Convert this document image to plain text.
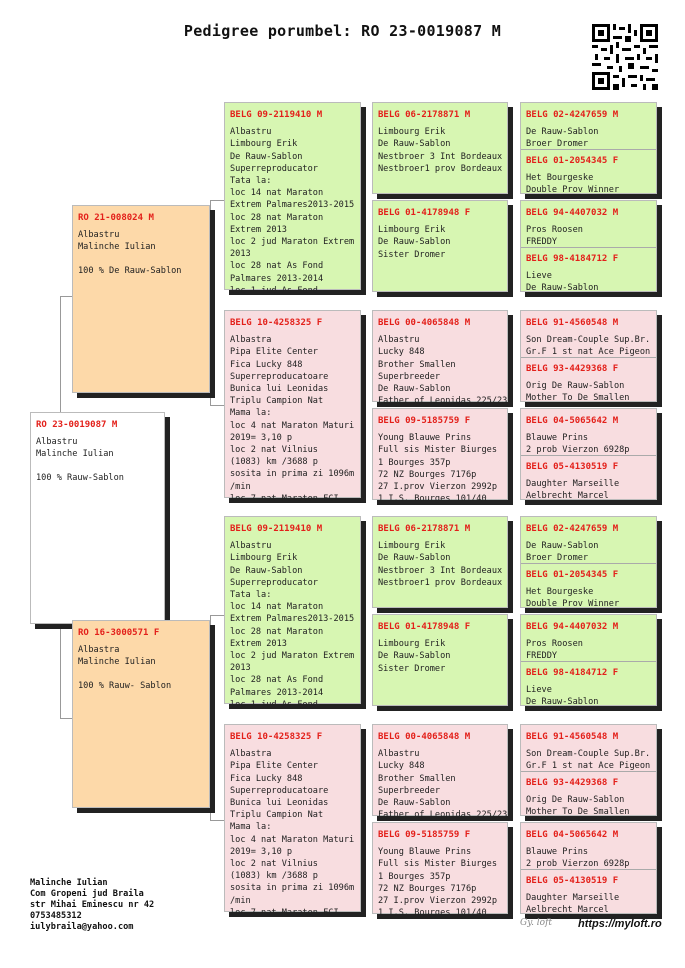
Pedigree porumbel: RO 23-0019087 M
RO 23-0019087 M
Albastru
Malinche Iulian
100 % Rauw-Sablon
RO 21-008024 M
Albastru
Malinche Iulian
100 % De Rauw-Sablon
RO 16-3000571 F
Albastra
Malinche Iulian
100 % Rauw- Sablon
BELG 09-2119410 M
Albastru
Limbourg Erik
De Rauw-Sablon
Superreproducator
Tata la:
loc 14 nat Maraton
Extrem Palmares2013-2015
loc 28 nat Maraton
Extrem 2013
loc 2 jud Maraton Extrem
2013
loc 28 nat As Fond
Palmares 2013-2014
loc 1 jud As Fond
BELG 10-4258325 F
Albastra
Pipa Elite Center
Fica Lucky 848
Superreproducatoare
Bunica lui Leonidas
Triplu Campion Nat
Mama la:
loc 4 nat Maraton Maturi
2019= 3,10 p
loc 2 nat Vilnius
(1083) km /3688 p
sosita in prima zi 1096m
/min
loc 7 nat Maraton FCI
BELG 09-2119410 M
Albastru
Limbourg Erik
De Rauw-Sablon
Superreproducator
Tata la:
loc 14 nat Maraton
Extrem Palmares2013-2015
loc 28 nat Maraton
Extrem 2013
loc 2 jud Maraton Extrem
2013
loc 28 nat As Fond
Palmares 2013-2014
loc 1 jud As Fond
BELG 10-4258325 F
Albastra
Pipa Elite Center
Fica Lucky 848
Superreproducatoare
Bunica lui Leonidas
Triplu Campion Nat
Mama la:
loc 4 nat Maraton Maturi
2019= 3,10 p
loc 2 nat Vilnius
(1083) km /3688 p
sosita in prima zi 1096m
/min
loc 7 nat Maraton FCI
BELG 06-2178871 M
Limbourg Erik
De Rauw-Sablon
Nestbroer 3 Int Bordeaux
Nestbroer1 prov Bordeaux
BELG 01-4178948 F
Limbourg Erik
De Rauw-Sablon
Sister Dromer
BELG 00-4065848 M
Albastru
Lucky 848
Brother Smallen
Superbreeder
De Rauw-Sablon
Father of Leonidas 225/23
BELG 09-5185759 F
Young Blauwe Prins
Full sis Mister Biurges
1 Bourges 357p
72 NZ Bourges 7176p
27 I.prov Vierzon 2992p
1 I.S. Bourges 101/40
BELG 06-2178871 M
Limbourg Erik
De Rauw-Sablon
Nestbroer 3 Int Bordeaux
Nestbroer1 prov Bordeaux
BELG 01-4178948 F
Limbourg Erik
De Rauw-Sablon
Sister Dromer
BELG 00-4065848 M
Albastru
Lucky 848
Brother Smallen
Superbreeder
De Rauw-Sablon
Father of Leonidas 225/23
BELG 09-5185759 F
Young Blauwe Prins
Full sis Mister Biurges
1 Bourges 357p
72 NZ Bourges 7176p
27 I.prov Vierzon 2992p
1 I.S. Bourges 101/40
BELG 02-4247659 M
De Rauw-Sablon
Broer Dromer
BELG 01-2054345 F
Het Bourgeske
Double Prov Winner
BELG 94-4407032 M
Pros Roosen
FREDDY
BELG 98-4184712 F
Lieve
De Rauw-Sablon
BELG 91-4560548 M
Son Dream-Couple Sup.Br.
Gr.F 1 st nat Ace Pigeon
BELG 93-4429368 F
Orig De Rauw-Sablon
Mother To De Smallen
BELG 04-5065642 M
Blauwe Prins
2 prob Vierzon 6928p
BELG 05-4130519 F
Daughter Marseille
Aelbrecht Marcel
BELG 02-4247659 M
De Rauw-Sablon
Broer Dromer
BELG 01-2054345 F
Het Bourgeske
Double Prov Winner
BELG 94-4407032 M
Pros Roosen
FREDDY
BELG 98-4184712 F
Lieve
De Rauw-Sablon
BELG 91-4560548 M
Son Dream-Couple Sup.Br.
Gr.F 1 st nat Ace Pigeon
BELG 93-4429368 F
Orig De Rauw-Sablon
Mother To De Smallen
BELG 04-5065642 M
Blauwe Prins
2 prob Vierzon 6928p
BELG 05-4130519 F
Daughter Marseille
Aelbrecht Marcel
Malinche Iulian
Com Gropeni jud Braila
str Mihai Eminescu nr 42
0753485312
iulybraila@yahoo.com	Gy. loft https://myloft.ro
